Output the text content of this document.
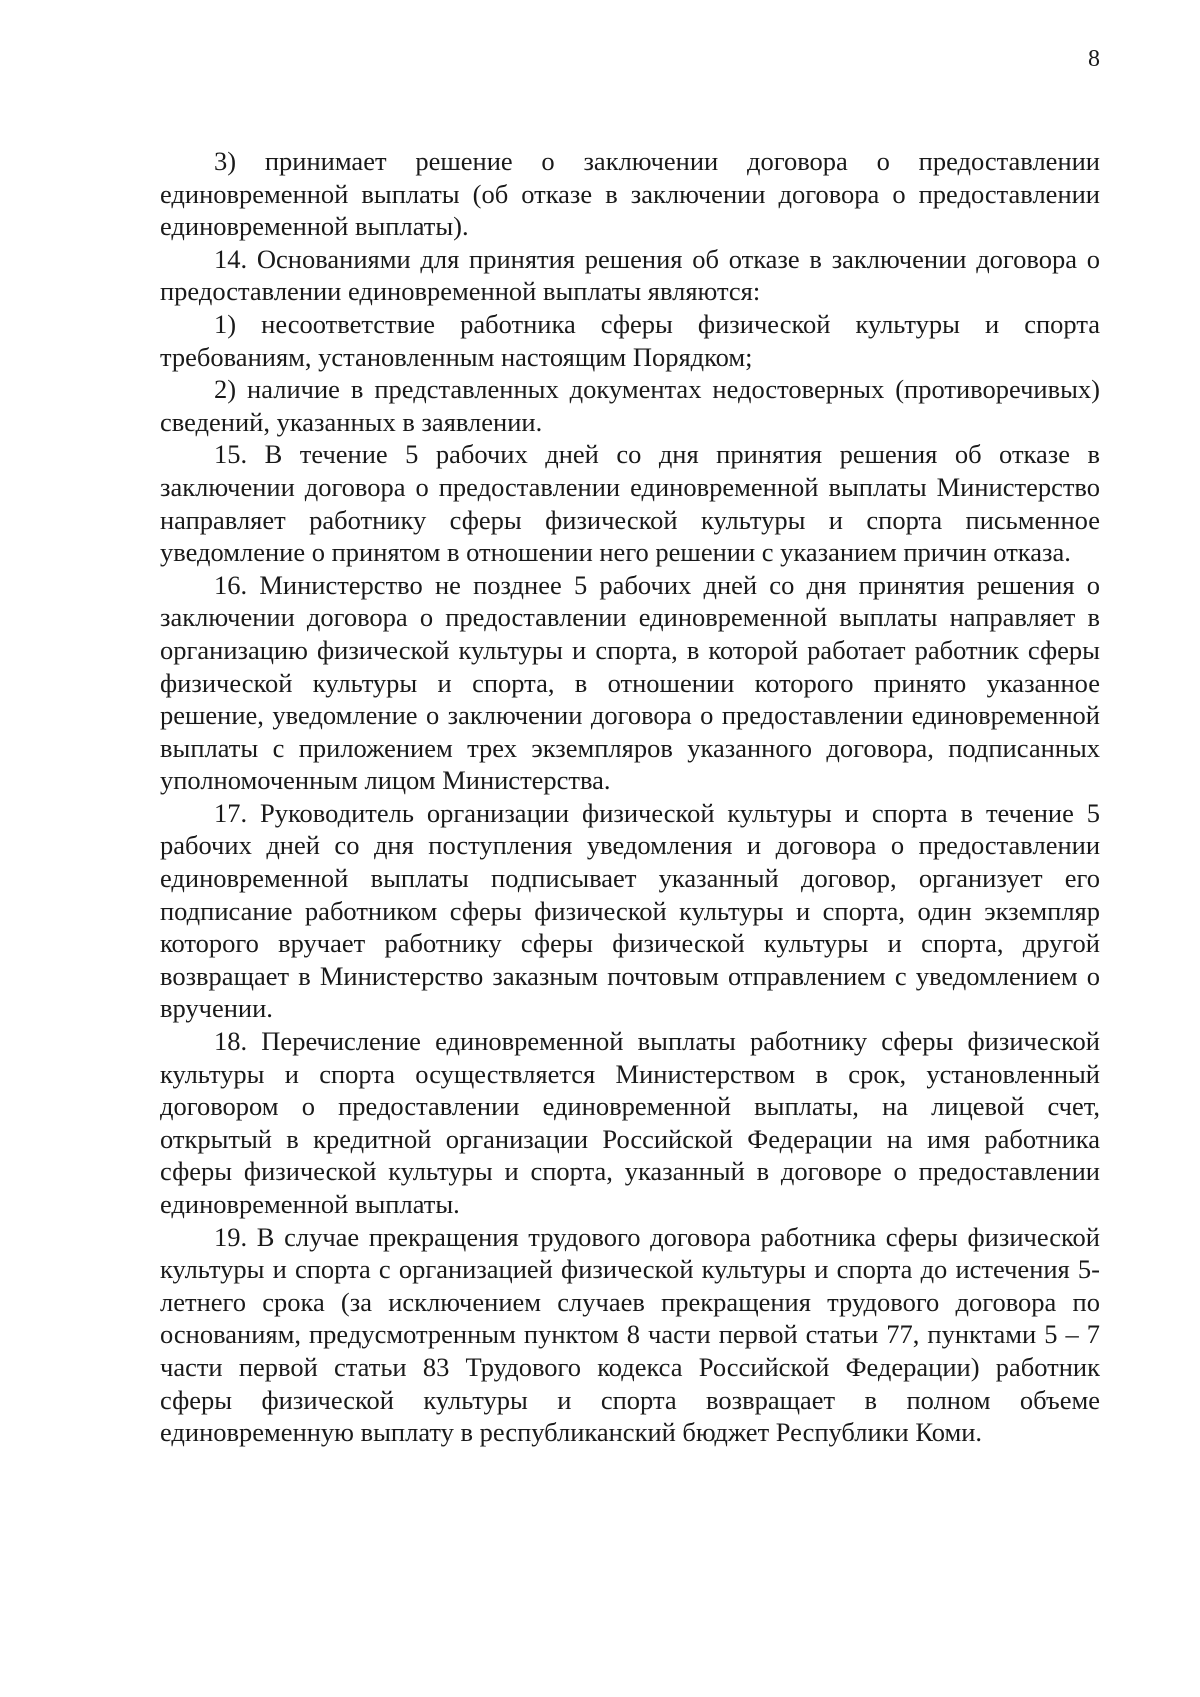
8

3) принимает решение о заключении договора о предоставлении единовременной выплаты (об отказе в заключении договора о предоставлении единовременной выплаты).

14. Основаниями для принятия решения об отказе в заключении договора о предоставлении единовременной выплаты являются:

1) несоответствие работника сферы физической культуры и спорта требованиям, установленным настоящим Порядком;

2) наличие в представленных документах недостоверных (противоречивых) сведений, указанных в заявлении.

15. В течение 5 рабочих дней со дня принятия решения об отказе в заключении договора о предоставлении единовременной выплаты Министерство направляет работнику сферы физической культуры и спорта письменное уведомление о принятом в отношении него решении с указанием причин отказа.

16. Министерство не позднее 5 рабочих дней со дня принятия решения о заключении договора о предоставлении единовременной выплаты направляет в организацию физической культуры и спорта, в которой работает работник сферы физической культуры и спорта, в отношении которого принято указанное решение, уведомление о заключении договора о предоставлении единовременной выплаты с приложением трех экземпляров указанного договора, подписанных уполномоченным лицом Министерства.

17. Руководитель организации физической культуры и спорта в течение 5 рабочих дней со дня поступления уведомления и договора о предоставлении единовременной выплаты подписывает указанный договор, организует его подписание работником сферы физической культуры и спорта, один экземпляр которого вручает работнику сферы физической культуры и спорта, другой возвращает в Министерство заказным почтовым отправлением с уведомлением о вручении.

18. Перечисление единовременной выплаты работнику сферы физической культуры и спорта осуществляется Министерством в срок, установленный договором о предоставлении единовременной выплаты, на лицевой счет, открытый в кредитной организации Российской Федерации на имя работника сферы физической культуры и спорта, указанный в договоре о предоставлении единовременной выплаты.

19. В случае прекращения трудового договора работника сферы физической культуры и спорта с организацией физической культуры и спорта до истечения 5-летнего срока (за исключением случаев прекращения трудового договора по основаниям, предусмотренным пунктом 8 части первой статьи 77, пунктами 5 – 7 части первой статьи 83 Трудового кодекса Российской Федерации) работник сферы физической культуры и спорта возвращает в полном объеме единовременную выплату в республиканский бюджет Республики Коми.
